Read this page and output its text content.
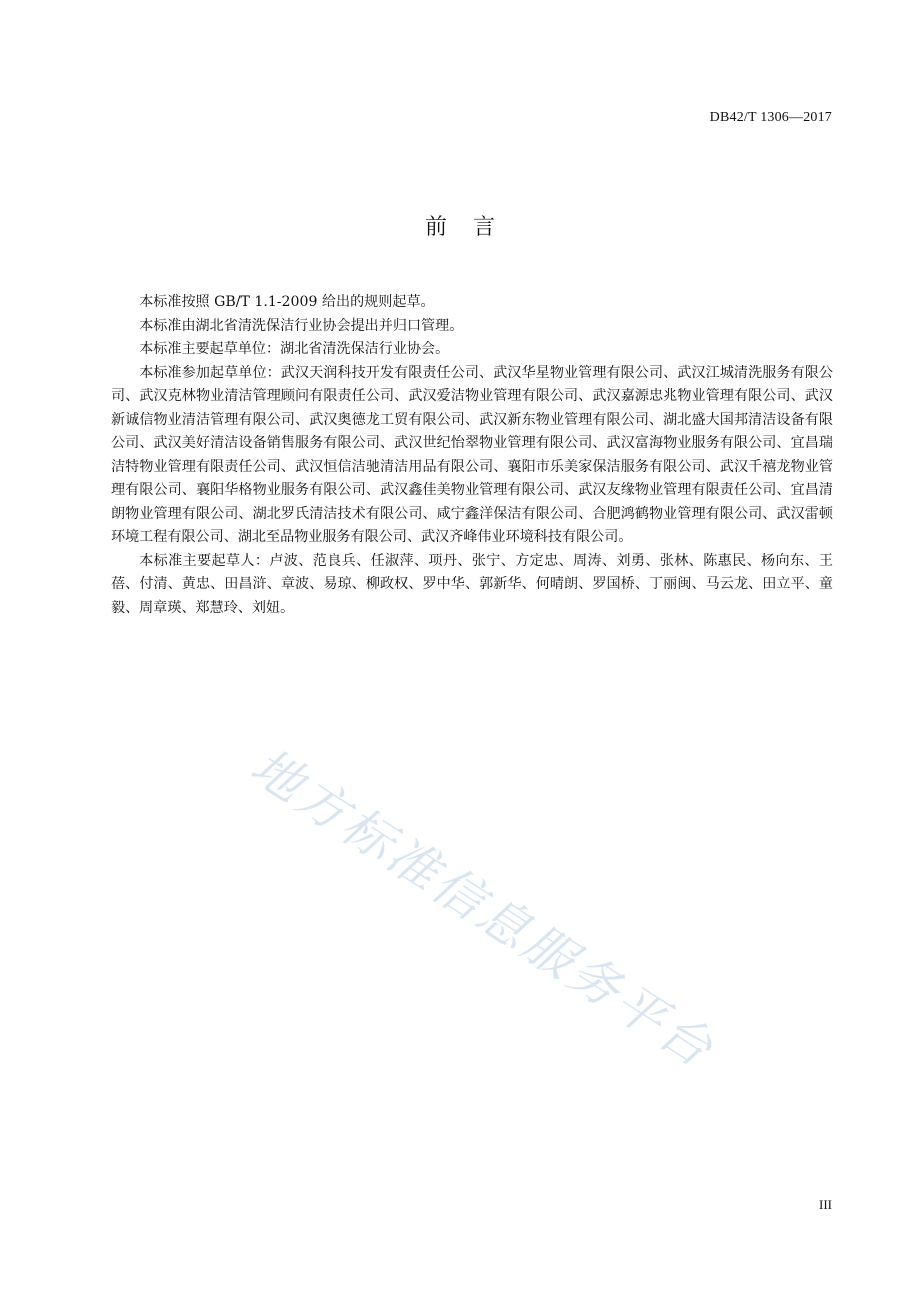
DB42/T 1306—2017
前言

本标准按照 GB/T 1.1-2009 给出的规则起草。

本标准由湖北省清洗保洁行业协会提出并归口管理。

本标准主要起草单位：湖北省清洗保洁行业协会。

本标准参加起草单位：武汉天润科技开发有限责任公司、武汉华星物业管理有限公司、武汉江城清洗服务有限公司、武汉克林物业清洁管理顾问有限责任公司、武汉爱洁物业管理有限公司、武汉嘉源忠兆物业管理有限公司、武汉新诚信物业清洁管理有限公司、武汉奥德龙工贸有限公司、武汉新东物业管理有限公司、湖北盛大国邦清洁设备有限公司、武汉美好清洁设备销售服务有限公司、武汉世纪怡翠物业管理有限公司、武汉富海物业服务有限公司、宜昌瑞洁特物业管理有限责任公司、武汉恒信洁驰清洁用品有限公司、襄阳市乐美家保洁服务有限公司、武汉千禧龙物业管理有限公司、襄阳华格物业服务有限公司、武汉鑫佳美物业管理有限公司、武汉友缘物业管理有限责任公司、宜昌清朗物业管理有限公司、湖北罗氏清洁技术有限公司、咸宁鑫洋保洁有限公司、合肥鸿鹤物业管理有限公司、武汉雷顿环境工程有限公司、湖北至品物业服务有限公司、武汉齐峰伟业环境科技有限公司。

本标准主要起草人：卢波、范良兵、任淑萍、项丹、张宁、方定忠、周涛、刘勇、张林、陈惠民、杨向东、王蓓、付清、黄忠、田昌浒、章波、易琼、柳政权、罗中华、郭新华、何晴朗、罗国桥、丁丽闽、马云龙、田立平、童毅、周章瑛、郑慧玲、刘妞。

地方标准信息服务平台
III
